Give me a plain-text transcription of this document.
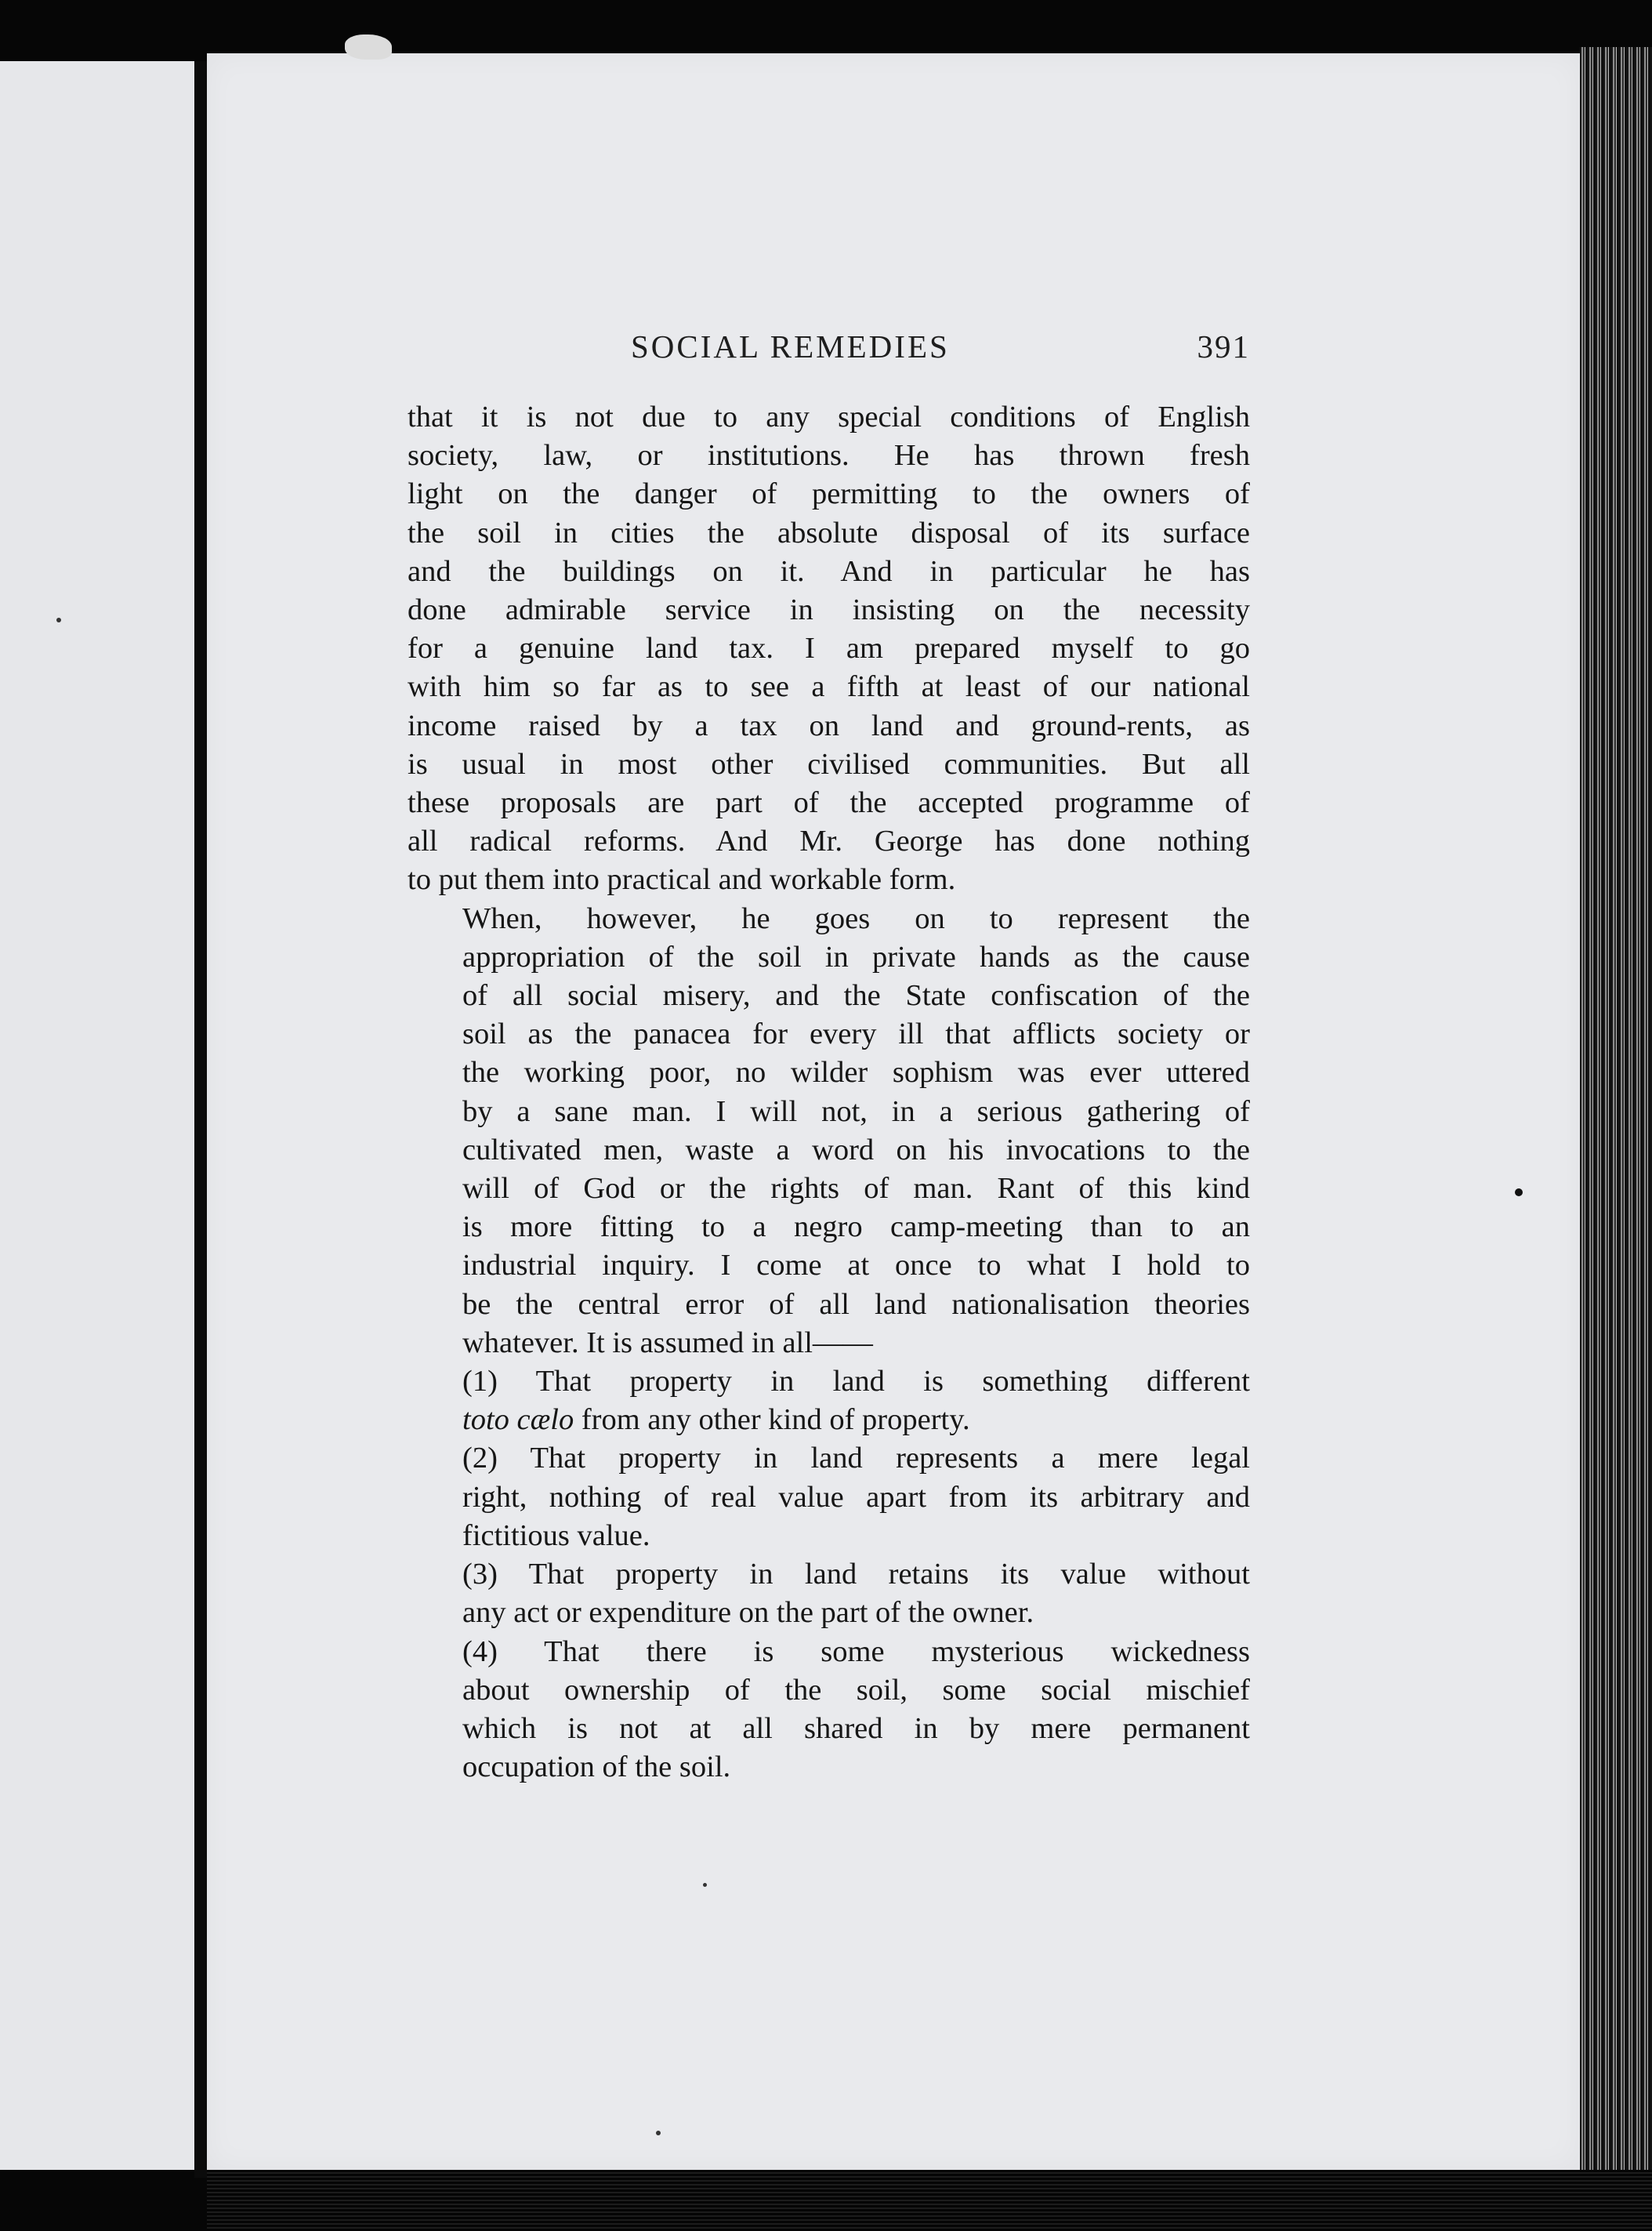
SOCIAL REMEDIES	391

that it is not due to any special conditions of English
society, law, or institutions. He has thrown fresh
light on the danger of permitting to the owners of
the soil in cities the absolute disposal of its surface
and the buildings on it. And in particular he has
done admirable service in insisting on the necessity
for a genuine land tax. I am prepared myself to go
with him so far as to see a fifth at least of our national
income raised by a tax on land and ground-rents, as
is usual in most other civilised communities. But all
these proposals are part of the accepted programme of
all radical reforms. And Mr. George has done nothing
to put them into practical and workable form.

When, however, he goes on to represent the
appropriation of the soil in private hands as the cause
of all social misery, and the State confiscation of the
soil as the panacea for every ill that afflicts society or
the working poor, no wilder sophism was ever uttered
by a sane man. I will not, in a serious gathering of
cultivated men, waste a word on his invocations to the
will of God or the rights of man. Rant of this kind
is more fitting to a negro camp-meeting than to an
industrial inquiry. I come at once to what I hold to
be the central error of all land nationalisation theories
whatever. It is assumed in all——

(1) That property in land is something different
toto cælo from any other kind of property.

(2) That property in land represents a mere legal
right, nothing of real value apart from its arbitrary and
fictitious value.

(3) That property in land retains its value without
any act or expenditure on the part of the owner.

(4) That there is some mysterious wickedness
about ownership of the soil, some social mischief
which is not at all shared in by mere permanent
occupation of the soil.
